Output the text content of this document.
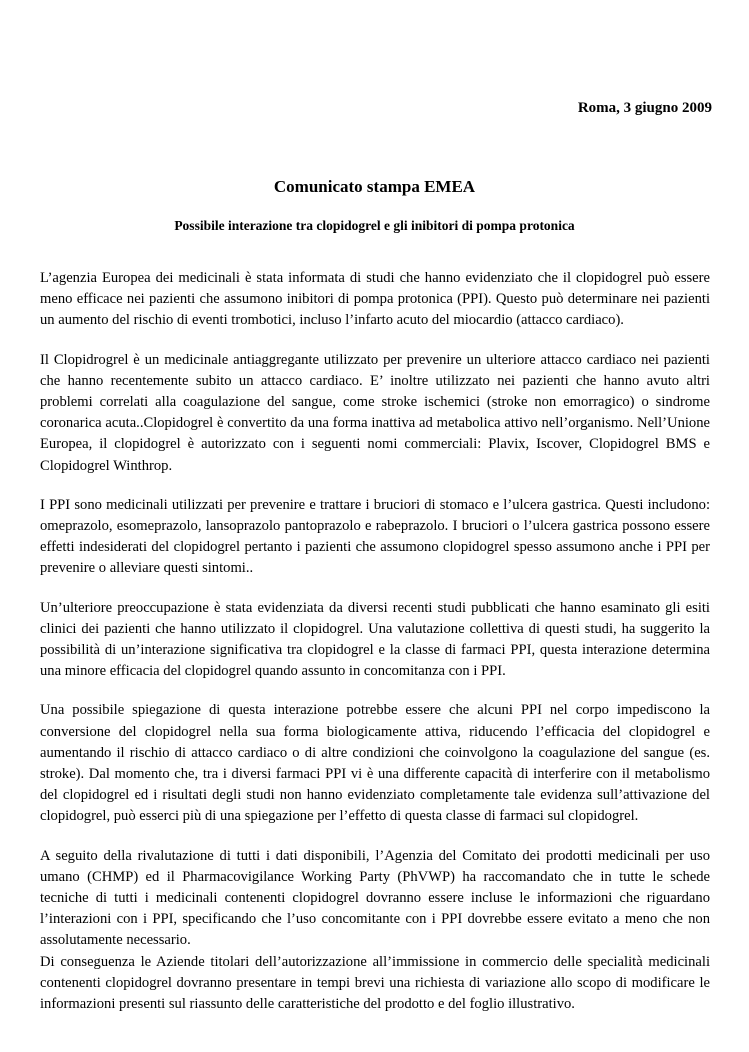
Roma, 3 giugno 2009
Comunicato stampa EMEA
Possibile interazione tra clopidogrel e gli inibitori di pompa protonica

L’agenzia Europea dei medicinali è stata informata di studi che hanno evidenziato che il clopidogrel può essere meno efficace nei pazienti che assumono inibitori di pompa protonica (PPI). Questo può determinare nei pazienti un aumento del rischio di eventi trombotici, incluso l’infarto acuto del miocardio (attacco cardiaco).

Il Clopidrogrel è un medicinale antiaggregante utilizzato per prevenire un ulteriore attacco cardiaco nei pazienti che hanno recentemente subito un attacco cardiaco. E’ inoltre utilizzato nei pazienti che hanno avuto altri problemi correlati alla coagulazione del sangue, come stroke ischemici (stroke non emorragico) o sindrome coronarica acuta..Clopidogrel è convertito da una forma inattiva ad metabolica attivo nell’organismo. Nell’Unione Europea, il clopidogrel è autorizzato con i seguenti nomi commerciali: Plavix, Iscover, Clopidogrel BMS e Clopidogrel Winthrop.

I PPI sono medicinali utilizzati per prevenire e trattare i bruciori di stomaco e l’ulcera gastrica. Questi includono: omeprazolo, esomeprazolo, lansoprazolo pantoprazolo e rabeprazolo. I bruciori o l’ulcera gastrica possono essere effetti indesiderati del clopidogrel pertanto i pazienti che assumono clopidogrel spesso assumono anche i PPI per prevenire o alleviare questi sintomi..

Un’ulteriore preoccupazione è stata evidenziata da diversi recenti studi pubblicati che hanno esaminato gli esiti clinici dei pazienti che hanno utilizzato il clopidogrel. Una valutazione collettiva di questi studi, ha suggerito la possibilità di un’interazione significativa tra clopidogrel e la classe di farmaci PPI, questa interazione determina una minore efficacia del clopidogrel quando assunto in concomitanza con i PPI.

Una possibile spiegazione di questa interazione potrebbe essere che alcuni PPI nel corpo impediscono la conversione del clopidogrel nella sua forma biologicamente attiva, riducendo l’efficacia del clopidogrel e aumentando il rischio di attacco cardiaco o di altre condizioni che coinvolgono la coagulazione del sangue (es. stroke). Dal momento che, tra i diversi farmaci PPI vi è una differente capacità di interferire con il metabolismo del clopidogrel ed i risultati degli studi non hanno evidenziato completamente tale evidenza sull’attivazione del clopidogrel, può esserci più di una spiegazione per l’effetto di questa classe di farmaci sul clopidogrel.

A seguito della rivalutazione di tutti i dati disponibili, l’Agenzia del Comitato dei prodotti medicinali per uso umano (CHMP) ed il Pharmacovigilance Working Party (PhVWP) ha raccomandato che in tutte le schede tecniche di tutti i medicinali contenenti clopidogrel dovranno essere incluse le informazioni che riguardano l’interazioni con i PPI, specificando che l’uso concomitante con i PPI dovrebbe essere evitato a meno che non assolutamente necessario.

Di conseguenza le Aziende titolari dell’autorizzazione all’immissione in commercio delle specialità medicinali contenenti clopidogrel dovranno presentare in tempi brevi una richiesta di variazione allo scopo di modificare le informazioni presenti sul riassunto delle caratteristiche del prodotto e del foglio illustrativo.
